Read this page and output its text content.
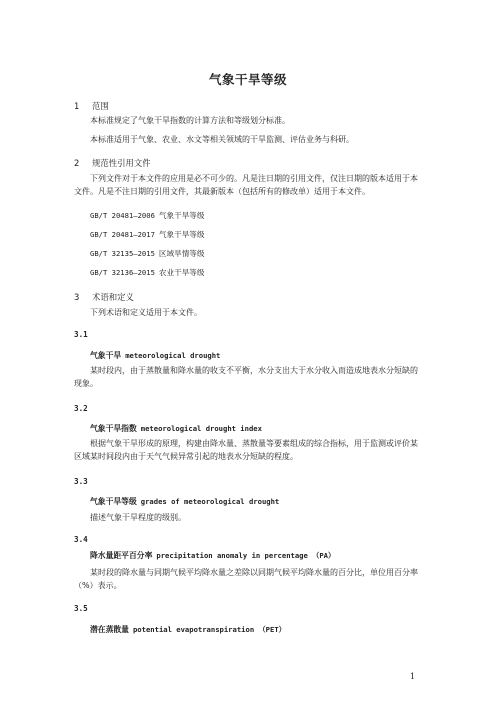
气象干旱等级
1 范围
本标准规定了气象干旱指数的计算方法和等级划分标准。
本标准适用于气象、农业、水文等相关领域的干旱监测、评估业务与科研。
2 规范性引用文件
下列文件对于本文件的应用是必不可少的。凡是注日期的引用文件，仅注日期的版本适用于本文件。凡是不注日期的引用文件，其最新版本（包括所有的修改单）适用于本文件。
GB/T 20481—2006 气象干旱等级
GB/T 20481—2017 气象干旱等级
GB/T 32135—2015 区域旱情等级
GB/T 32136—2015 农业干旱等级
3 术语和定义
下列术语和定义适用于本文件。
3.1
气象干旱 meteorological drought
某时段内，由于蒸散量和降水量的收支不平衡，水分支出大于水分收入而造成地表水分短缺的现象。
3.2
气象干旱指数 meteorological drought index
根据气象干旱形成的原理，构建由降水量、蒸散量等要素组成的综合指标，用于监测或评价某区域某时间段内由于天气气候异常引起的地表水分短缺的程度。
3.3
气象干旱等级 grades of meteorological drought
描述气象干旱程度的级别。
3.4
降水量距平百分率 precipitation anomaly in percentage （PA）
某时段的降水量与同期气候平均降水量之差除以同期气候平均降水量的百分比，单位用百分率（%）表示。
3.5
潜在蒸散量 potential evapotranspiration （PET）
1
